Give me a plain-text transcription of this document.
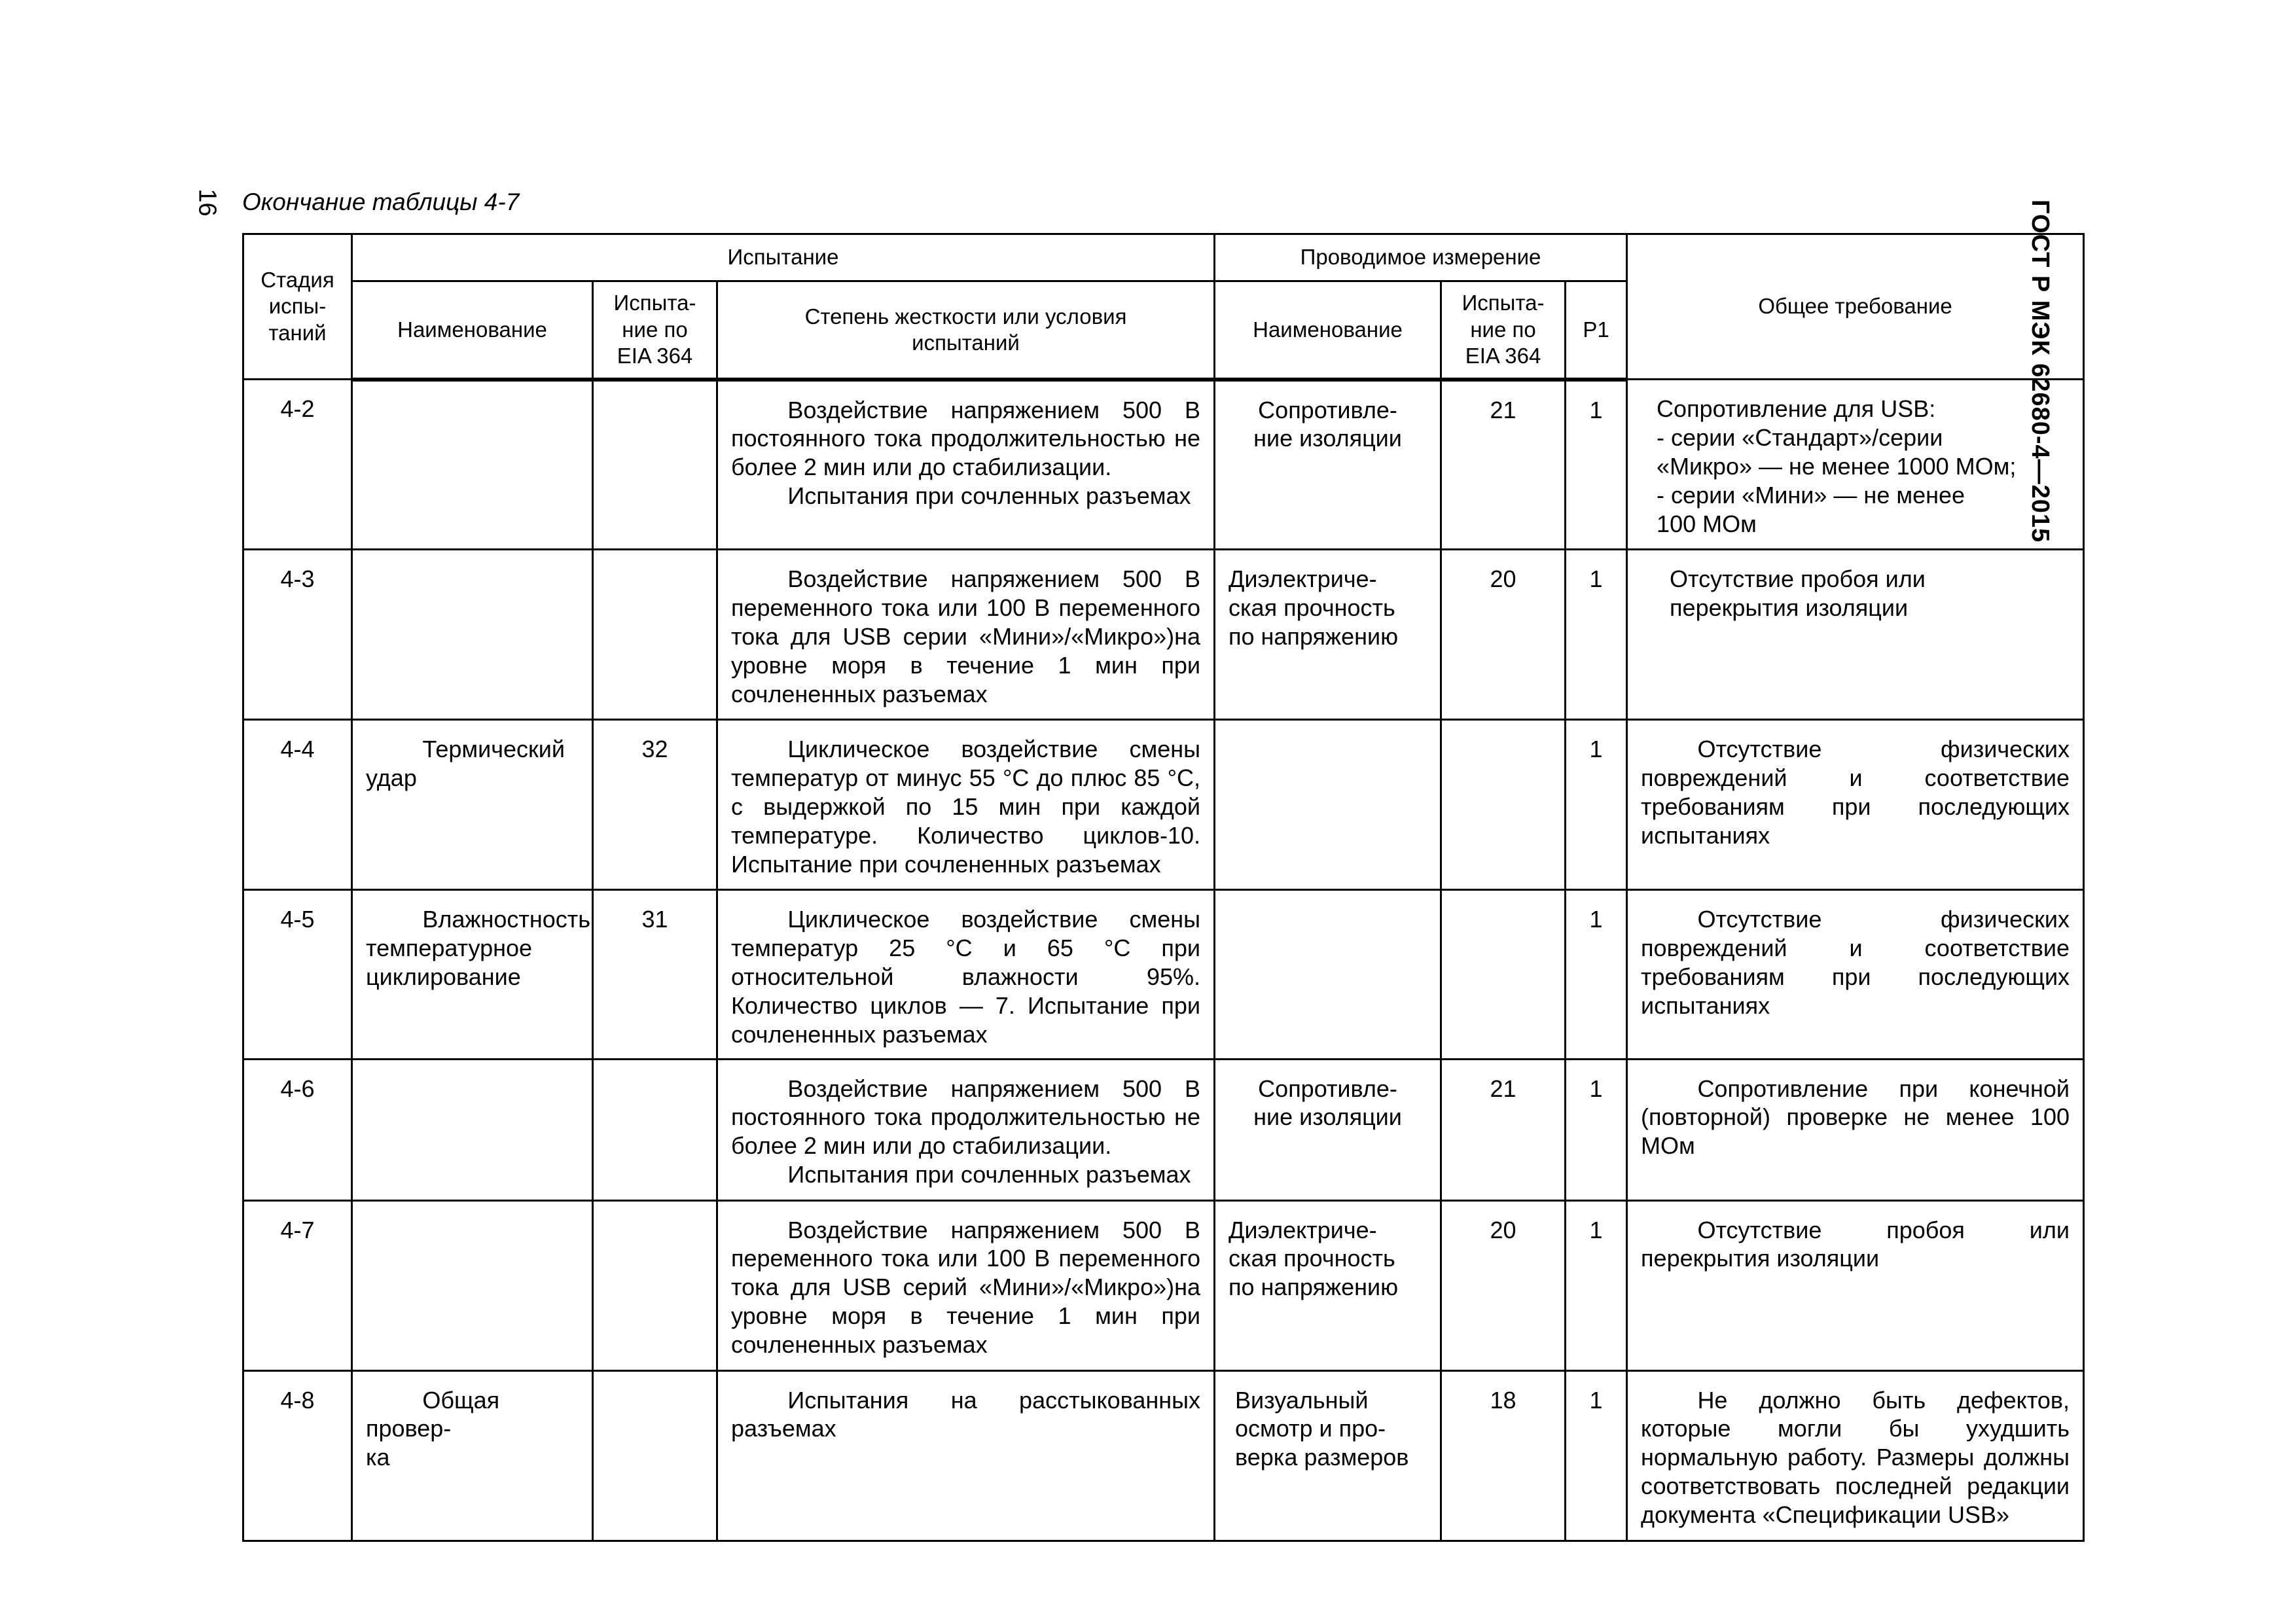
16	ГОСТ Р МЭК 62680-4—2015
Окончание таблицы 4-7
Стадия
испы-
таний	Испытание			Проводимое измерение			Общее требование
	Наименование	Испыта-
ние по
EIA 364	Степень жесткости или условия
испытаний	Наименование	Испыта-
ние по
EIA 364	P1	
4-2			Воздействие напряжением 500 В постоянного тока продолжительностью не более 2 мин или до стабилизации.
Испытания при сочленных разъемах	Сопротивле-
ние изоляции	21	1	Сопротивление для USB:
- серии «Стандарт»/серии
«Микро» — не менее 1000 МОм;
- серии «Мини» — не менее
100 МОм
4-3			Воздействие напряжением 500 В переменного тока или 100 В переменного тока для USB серии «Мини»/«Микро»)на уровне моря в течение 1 мин при сочлененных разъемах	Диэлектриче-
ская прочность
по напряжению	20	1	Отсутствие пробоя или
перекрытия изоляции
4-4	Термический
удар	32	Циклическое воздействие смены температур от минус 55 °С до плюс 85 °С, с выдержкой по 15 мин при каждой температуре. Количество циклов-10. Испытание при сочлененных разъемах			1	Отсутствие физических повреждений и соответствие требованиям при последующих испытаниях
4-5	Влажностность
температурное
циклирование	31	Циклическое воздействие смены температур 25 °С и 65 °С при относительной влажности 95%. Количество циклов — 7. Испытание при сочлененных разъемах			1	Отсутствие физических повреждений и соответствие требованиям при последующих испытаниях
4-6			Воздействие напряжением 500 В постоянного тока продолжительностью не более 2 мин или до стабилизации.
Испытания при сочленных разъемах	Сопротивле-
ние изоляции	21	1	Сопротивление при конечной (повторной) проверке не менее 100 МОм
4-7			Воздействие напряжением 500 В переменного тока или 100 В переменного тока для USB серий «Мини»/«Микро»)на уровне моря в течение 1 мин при сочлененных разъемах	Диэлектриче-
ская прочность
по напряжению	20	1	Отсутствие пробоя или перекрытия изоляции
4-8	Общая провер-
ка		Испытания на расстыкованных разъемах	Визуальный
осмотр и про-
верка размеров	18	1	Не должно быть дефектов, которые могли бы ухудшить нормальную работу. Размеры должны соответствовать последней редакции документа «Спецификации USB»
